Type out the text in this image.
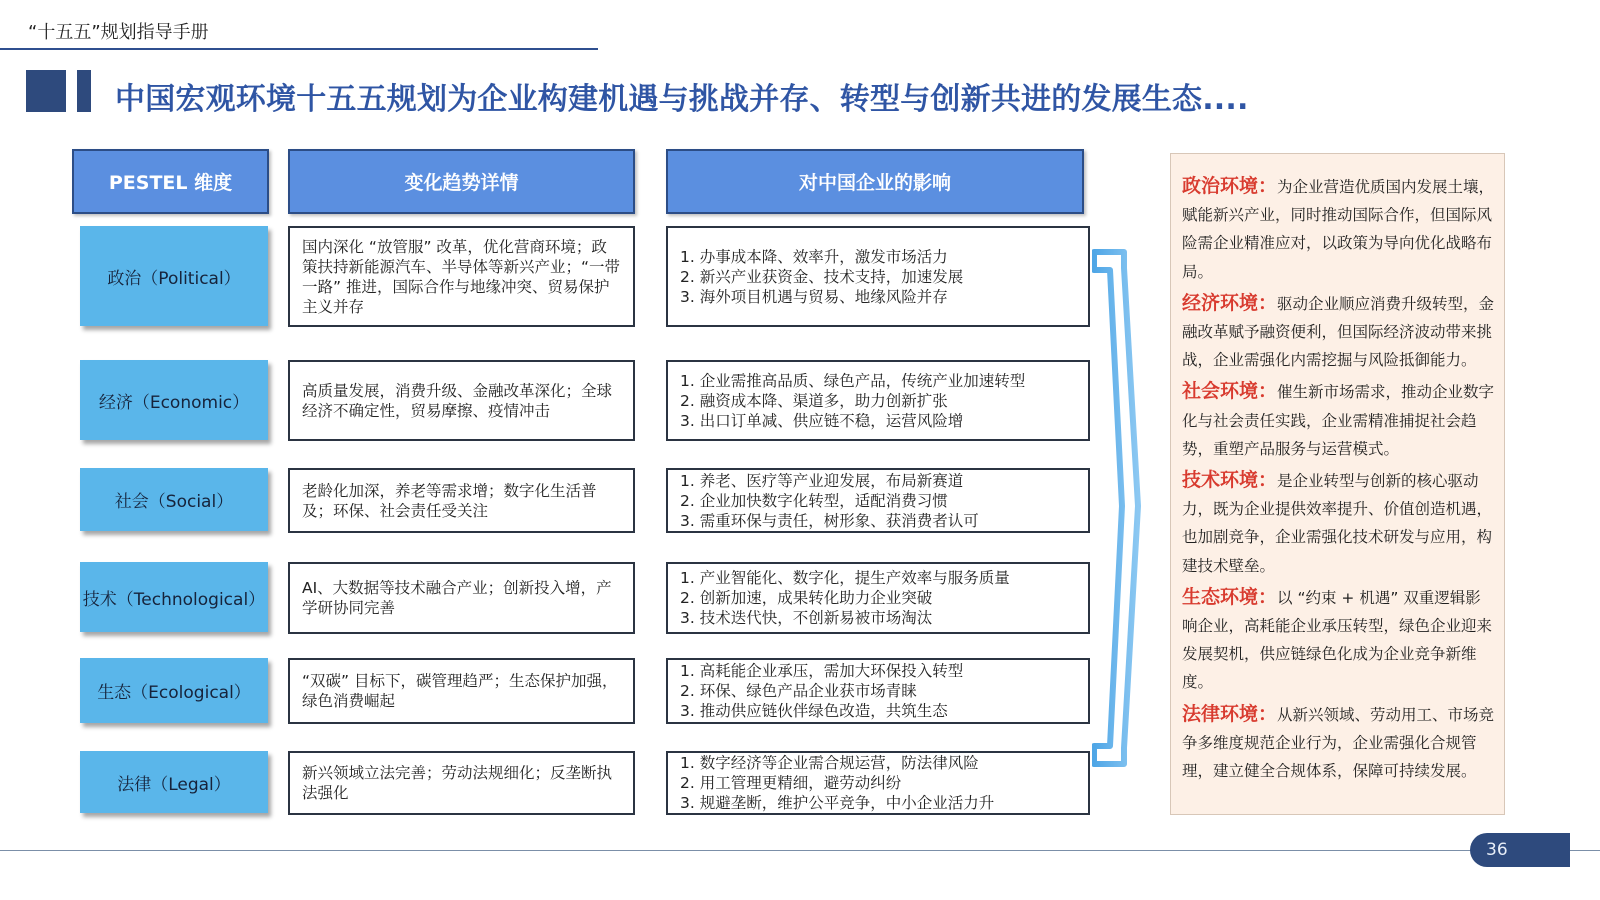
“十五五”规划指导手册
中国宏观环境十五五规划为企业构建机遇与挑战并存、转型与创新共进的发展生态....
PESTEL 维度	变化趋势详情	对中国企业的影响
政治（Political）
国内深化 “放管服” 改革，优化营商环境；政策扶持新能源汽车、半导体等新兴产业；“一带一路” 推进，国际合作与地缘冲突、贸易保护主义并存
1. 办事成本降、效率升，激发市场活力
2. 新兴产业获资金、技术支持，加速发展
3. 海外项目机遇与贸易、地缘风险并存
经济（Economic）
高质量发展，消费升级、金融改革深化；全球经济不确定性，贸易摩擦、疫情冲击
1. 企业需推高品质、绿色产品，传统产业加速转型
2. 融资成本降、渠道多，助力创新扩张
3. 出口订单减、供应链不稳，运营风险增
社会（Social）
老龄化加深，养老等需求增；数字化生活普及；环保、社会责任受关注
1. 养老、医疗等产业迎发展，布局新赛道
2. 企业加快数字化转型，适配消费习惯
3. 需重环保与责任，树形象、获消费者认可
技术（Technological）
AI、大数据等技术融合产业；创新投入增，产学研协同完善
1. 产业智能化、数字化，提生产效率与服务质量
2. 创新加速，成果转化助力企业突破
3. 技术迭代快，不创新易被市场淘汰
生态（Ecological）
“双碳” 目标下，碳管理趋严；生态保护加强，绿色消费崛起
1. 高耗能企业承压，需加大环保投入转型
2. 环保、绿色产品企业获市场青睐
3. 推动供应链伙伴绿色改造，共筑生态
法律（Legal）
新兴领域立法完善；劳动法规细化；反垄断执法强化
1. 数字经济等企业需合规运营，防法律风险
2. 用工管理更精细，避劳动纠纷
3. 规避垄断，维护公平竞争，中小企业活力升
政治环境：为企业营造优质国内发展土壤，赋能新兴产业，同时推动国际合作，但国际风险需企业精准应对，以政策为导向优化战略布局。
经济环境：驱动企业顺应消费升级转型，金融改革赋予融资便利，但国际经济波动带来挑战，企业需强化内需挖掘与风险抵御能力。
社会环境：催生新市场需求，推动企业数字化与社会责任实践，企业需精准捕捉社会趋势，重塑产品服务与运营模式。
技术环境：是企业转型与创新的核心驱动力，既为企业提供效率提升、价值创造机遇，也加剧竞争，企业需强化技术研发与应用，构建技术壁垒。
生态环境：以 “约束 + 机遇” 双重逻辑影响企业，高耗能企业承压转型，绿色企业迎来发展契机，供应链绿色化成为企业竞争新维度。
法律环境：从新兴领域、劳动用工、市场竞争多维度规范企业行为，企业需强化合规管理，建立健全合规体系，保障可持续发展。
36
